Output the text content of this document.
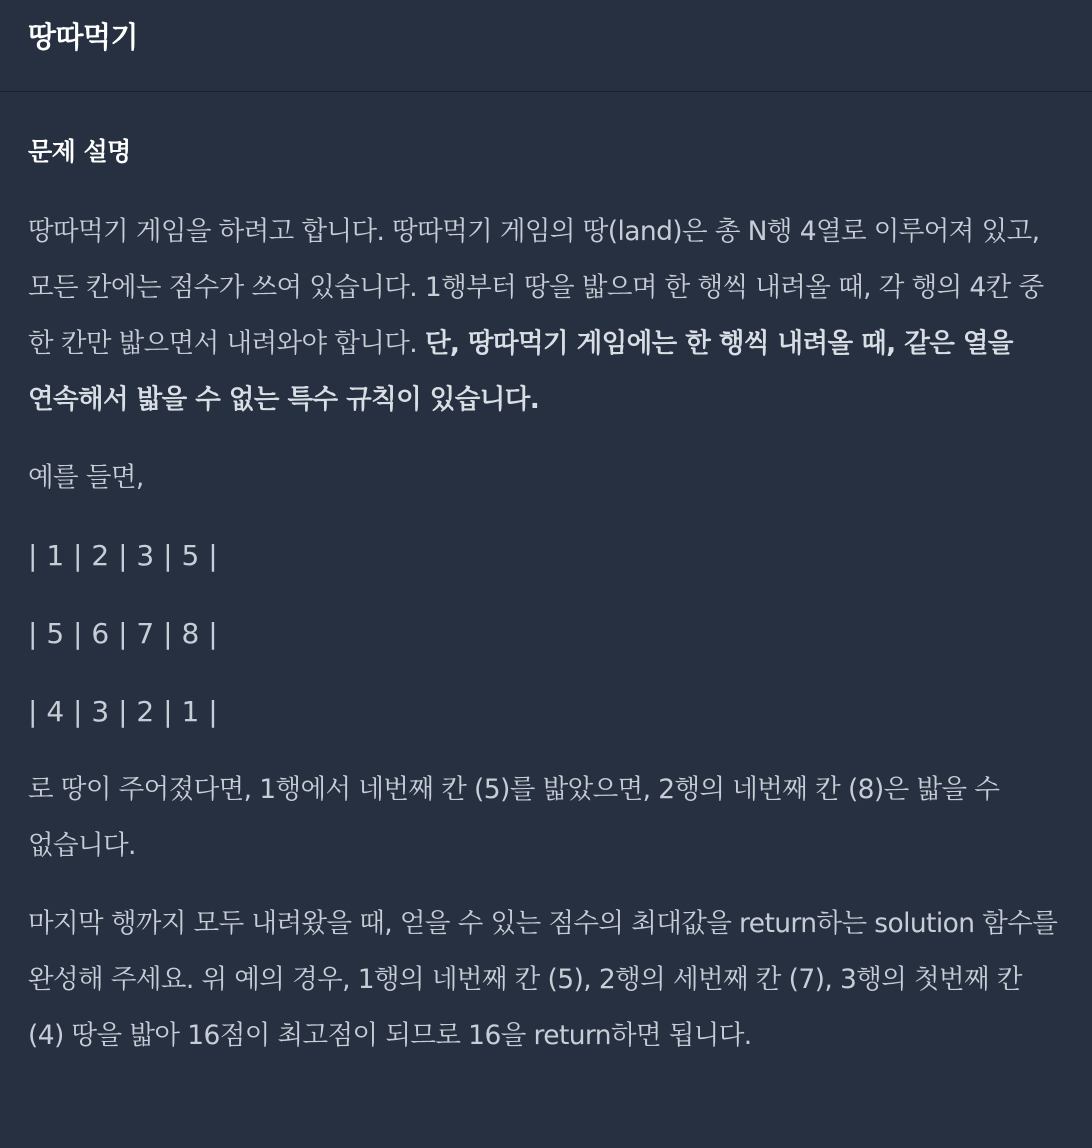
땅따먹기
문제 설명

땅따먹기 게임을 하려고 합니다. 땅따먹기 게임의 땅(land)은 총 N행 4열로 이루어져 있고, 모든 칸에는 점수가 쓰여 있습니다. 1행부터 땅을 밟으며 한 행씩 내려올 때, 각 행의 4칸 중 한 칸만 밟으면서 내려와야 합니다. 단, 땅따먹기 게임에는 한 행씩 내려올 때, 같은 열을 연속해서 밟을 수 없는 특수 규칙이 있습니다.

예를 들면,

| 1 | 2 | 3 | 5 |
| 5 | 6 | 7 | 8 |
| 4 | 3 | 2 | 1 |

로 땅이 주어졌다면, 1행에서 네번째 칸 (5)를 밟았으면, 2행의 네번째 칸 (8)은 밟을 수 없습니다.

마지막 행까지 모두 내려왔을 때, 얻을 수 있는 점수의 최대값을 return하는 solution 함수를 완성해 주세요. 위 예의 경우, 1행의 네번째 칸 (5), 2행의 세번째 칸 (7), 3행의 첫번째 칸 (4) 땅을 밟아 16점이 최고점이 되므로 16을 return하면 됩니다.
